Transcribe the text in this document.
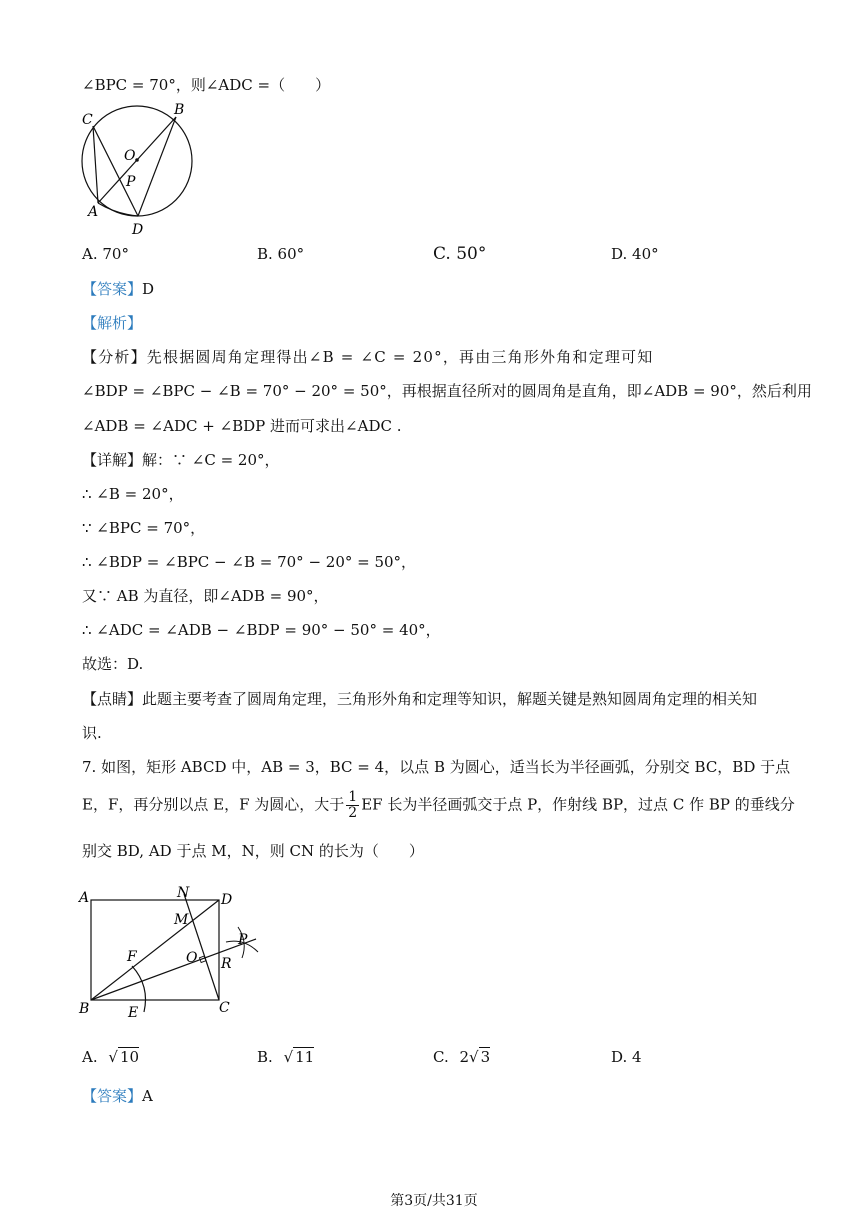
∠BPC = 70°，则∠ADC =（　　）
C
B
O
P
A
D
A. 70°	B. 60°	C. 50°	D. 40°
【答案】D
【解析】
【分析】先根据圆周角定理得出∠B = ∠C = 20°，再由三角形外角和定理可知
∠BDP = ∠BPC − ∠B = 70° − 20° = 50°，再根据直径所对的圆周角是直角，即∠ADB = 90°，然后利用
∠ADB = ∠ADC + ∠BDP 进而可求出∠ADC .
【详解】解：∵ ∠C = 20°，
∴ ∠B = 20°，
∵ ∠BPC = 70°，
∴ ∠BDP = ∠BPC − ∠B = 70° − 20° = 50°，
又∵ AB 为直径，即∠ADB = 90°，
∴ ∠ADC = ∠ADB − ∠BDP = 90° − 50° = 40°，
故选：D.
【点睛】此题主要考查了圆周角定理，三角形外角和定理等知识，解题关键是熟知圆周角定理的相关知
识.
7. 如图，矩形 ABCD 中，AB = 3，BC = 4，以点 B 为圆心，适当长为半径画弧，分别交 BC，BD 于点
E，F，再分别以点 E，F 为圆心，大于 $\frac{1}{2}$ EF 长为半径画弧交于点 P，作射线 BP，过点 C 作 BP 的垂线分
别交 BD, AD 于点 M，N，则 CN 的长为（　　）
A	N D
M
P
F	O R
B	E	C
A. √ 10	B. √ 11	C. 2√ 3	D. 4
【答案】A
第3页/共31页
